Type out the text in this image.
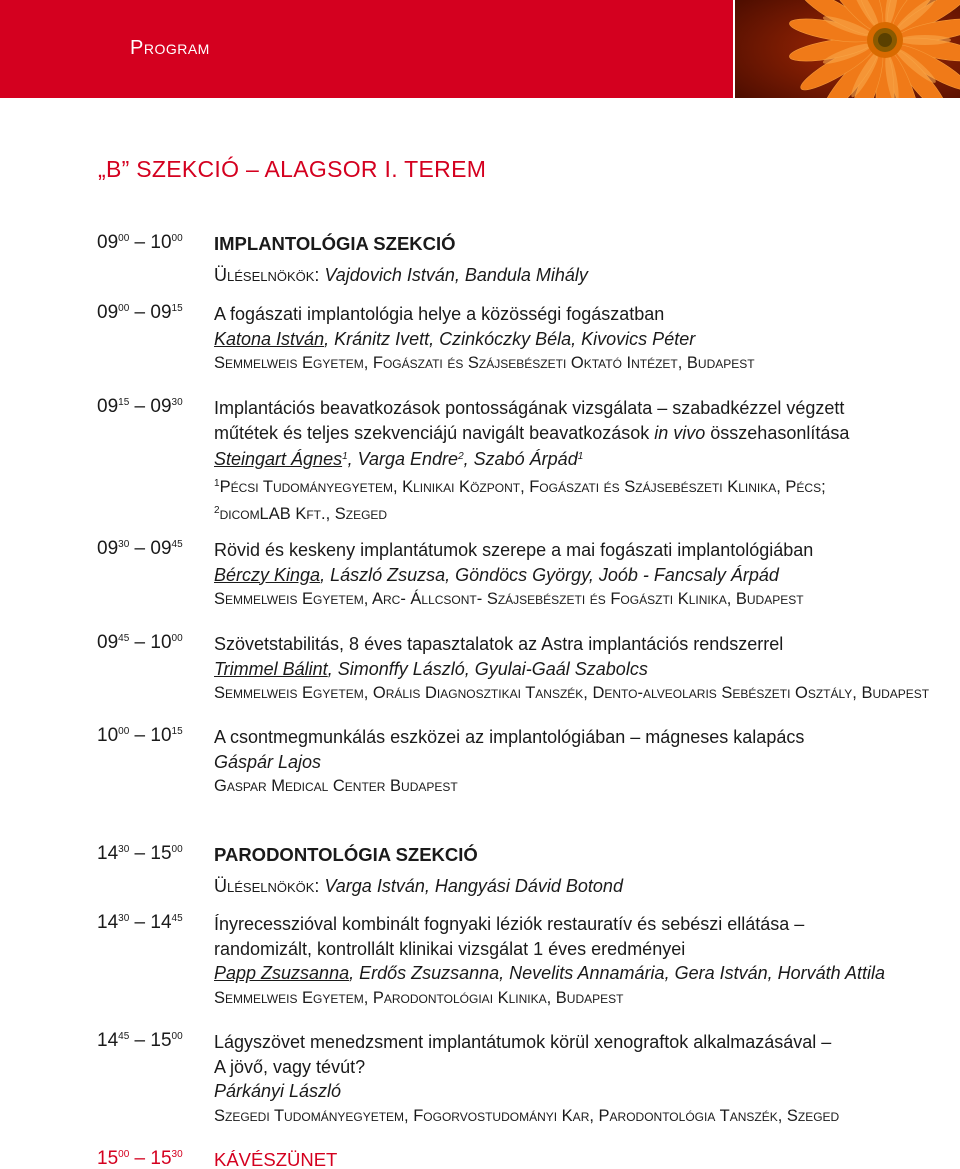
Program
„B” SZEKCIÓ – ALAGSOR I. TEREM
$09^{00} - 10^{00}$ IMPLANTOLÓGIA SZEKCIÓ
Üléselnökök: Vajdovich István, Bandula Mihály
$09^{00} - 09^{15}$ A fogászati implantológia helye a közösségi fogászatban
Katona István, Kránitz Ivett, Czinkóczky Béla, Kivovics Péter
Semmelweis Egyetem, Fogászati és Szájsebészeti Oktató Intézet, Budapest
$09^{15} - 09^{30}$ Implantációs beavatkozások pontosságának vizsgálata – szabadkézzel végzett
műtétek és teljes szekvenciájú navigált beavatkozások in vivo összehasonlítása
Steingart Ágnes$^1$, Varga Endre$^2$, Szabó Árpád$^1$
$^1$Pécsi Tudományegyetem, Klinikai Központ, Fogászati és Szájsebészeti Klinika, Pécs;
$^2$dicomLAB Kft., Szeged
$09^{30} - 09^{45}$ Rövid és keskeny implantátumok szerepe a mai fogászati implantológiában
Bérczy Kinga, László Zsuzsa, Göndöcs György, Joób - Fancsaly Árpád
Semmelweis Egyetem, Arc- Állcsont- Szájsebészeti és Fogászti Klinika, Budapest
$09^{45} - 10^{00}$ Szövetstabilitás, 8 éves tapasztalatok az Astra implantációs rendszerrel
Trimmel Bálint, Simonffy László, Gyulai-Gaál Szabolcs
Semmelweis Egyetem, Orális Diagnosztikai Tanszék, Dento-alveolaris Sebészeti Osztály, Budapest
$10^{00} - 10^{15}$ A csontmegmunkálás eszközei az implantológiában – mágneses kalapács
Gáspár Lajos
Gaspar Medical Center Budapest
$14^{30} - 15^{00}$ PARODONTOLÓGIA SZEKCIÓ
Üléselnökök: Varga István, Hangyási Dávid Botond
$14^{30} - 14^{45}$ Ínyrecesszióval kombinált fognyaki léziók restauratív és sebészi ellátása –
randomizált, kontrollált klinikai vizsgálat 1 éves eredményei
Papp Zsuzsanna, Erdős Zsuzsanna, Nevelits Annamária, Gera István, Horváth Attila
Semmelweis Egyetem, Parodontológiai Klinika, Budapest
$14^{45} - 15^{00}$ Lágyszövet menedzsment implantátumok körül xenograftok alkalmazásával –
A jövő, vagy tévút?
Párkányi László
Szegedi Tudományegyetem, Fogorvostudományi Kar, Parodontológia Tanszék, Szeged
$15^{00} - 15^{30}$ KÁVÉSZÜNET
